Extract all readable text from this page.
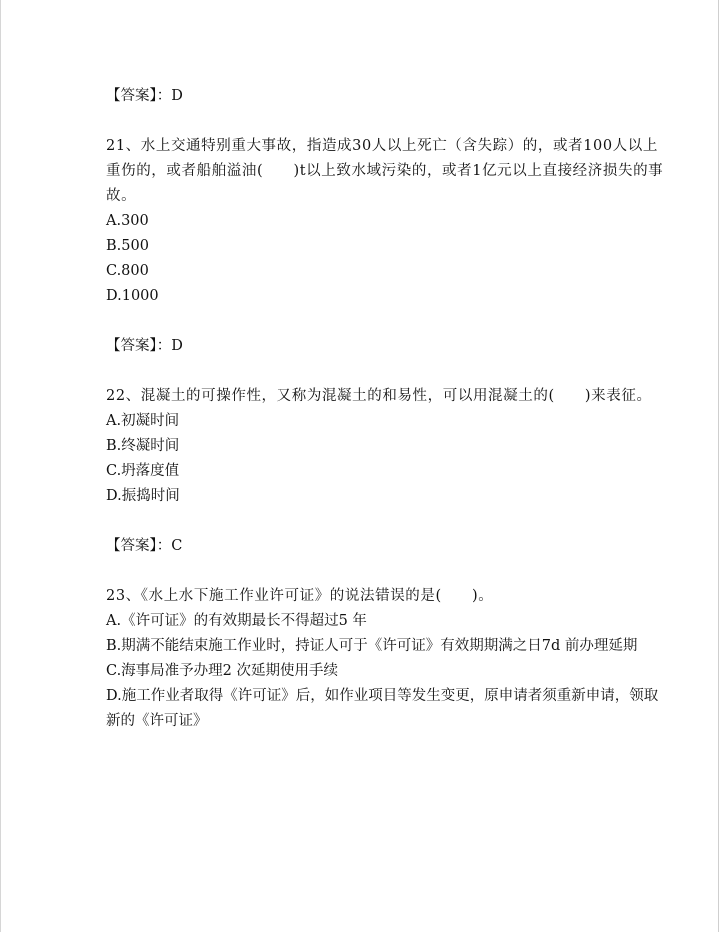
【答案】：D

21、水上交通特别重大事故，指造成30人以上死亡（含失踪）的，或者100人以上重伤的，或者船舶溢油(　　)t以上致水域污染的，或者1亿元以上直接经济损失的事故。

A.300

B.500

C.800

D.1000

【答案】：D

22、混凝土的可操作性，又称为混凝土的和易性，可以用混凝土的(　　)来表征。

A.初凝时间

B.终凝时间

C.坍落度值

D.振捣时间

【答案】：C

23、《水上水下施工作业许可证》的说法错误的是(　　)。

A.《许可证》的有效期最长不得超过5 年

B.期满不能结束施工作业时，持证人可于《许可证》有效期期满之日7d 前办理延期

C.海事局准予办理2 次延期使用手续

D.施工作业者取得《许可证》后，如作业项目等发生变更，原申请者须重新申请，领取新的《许可证》
